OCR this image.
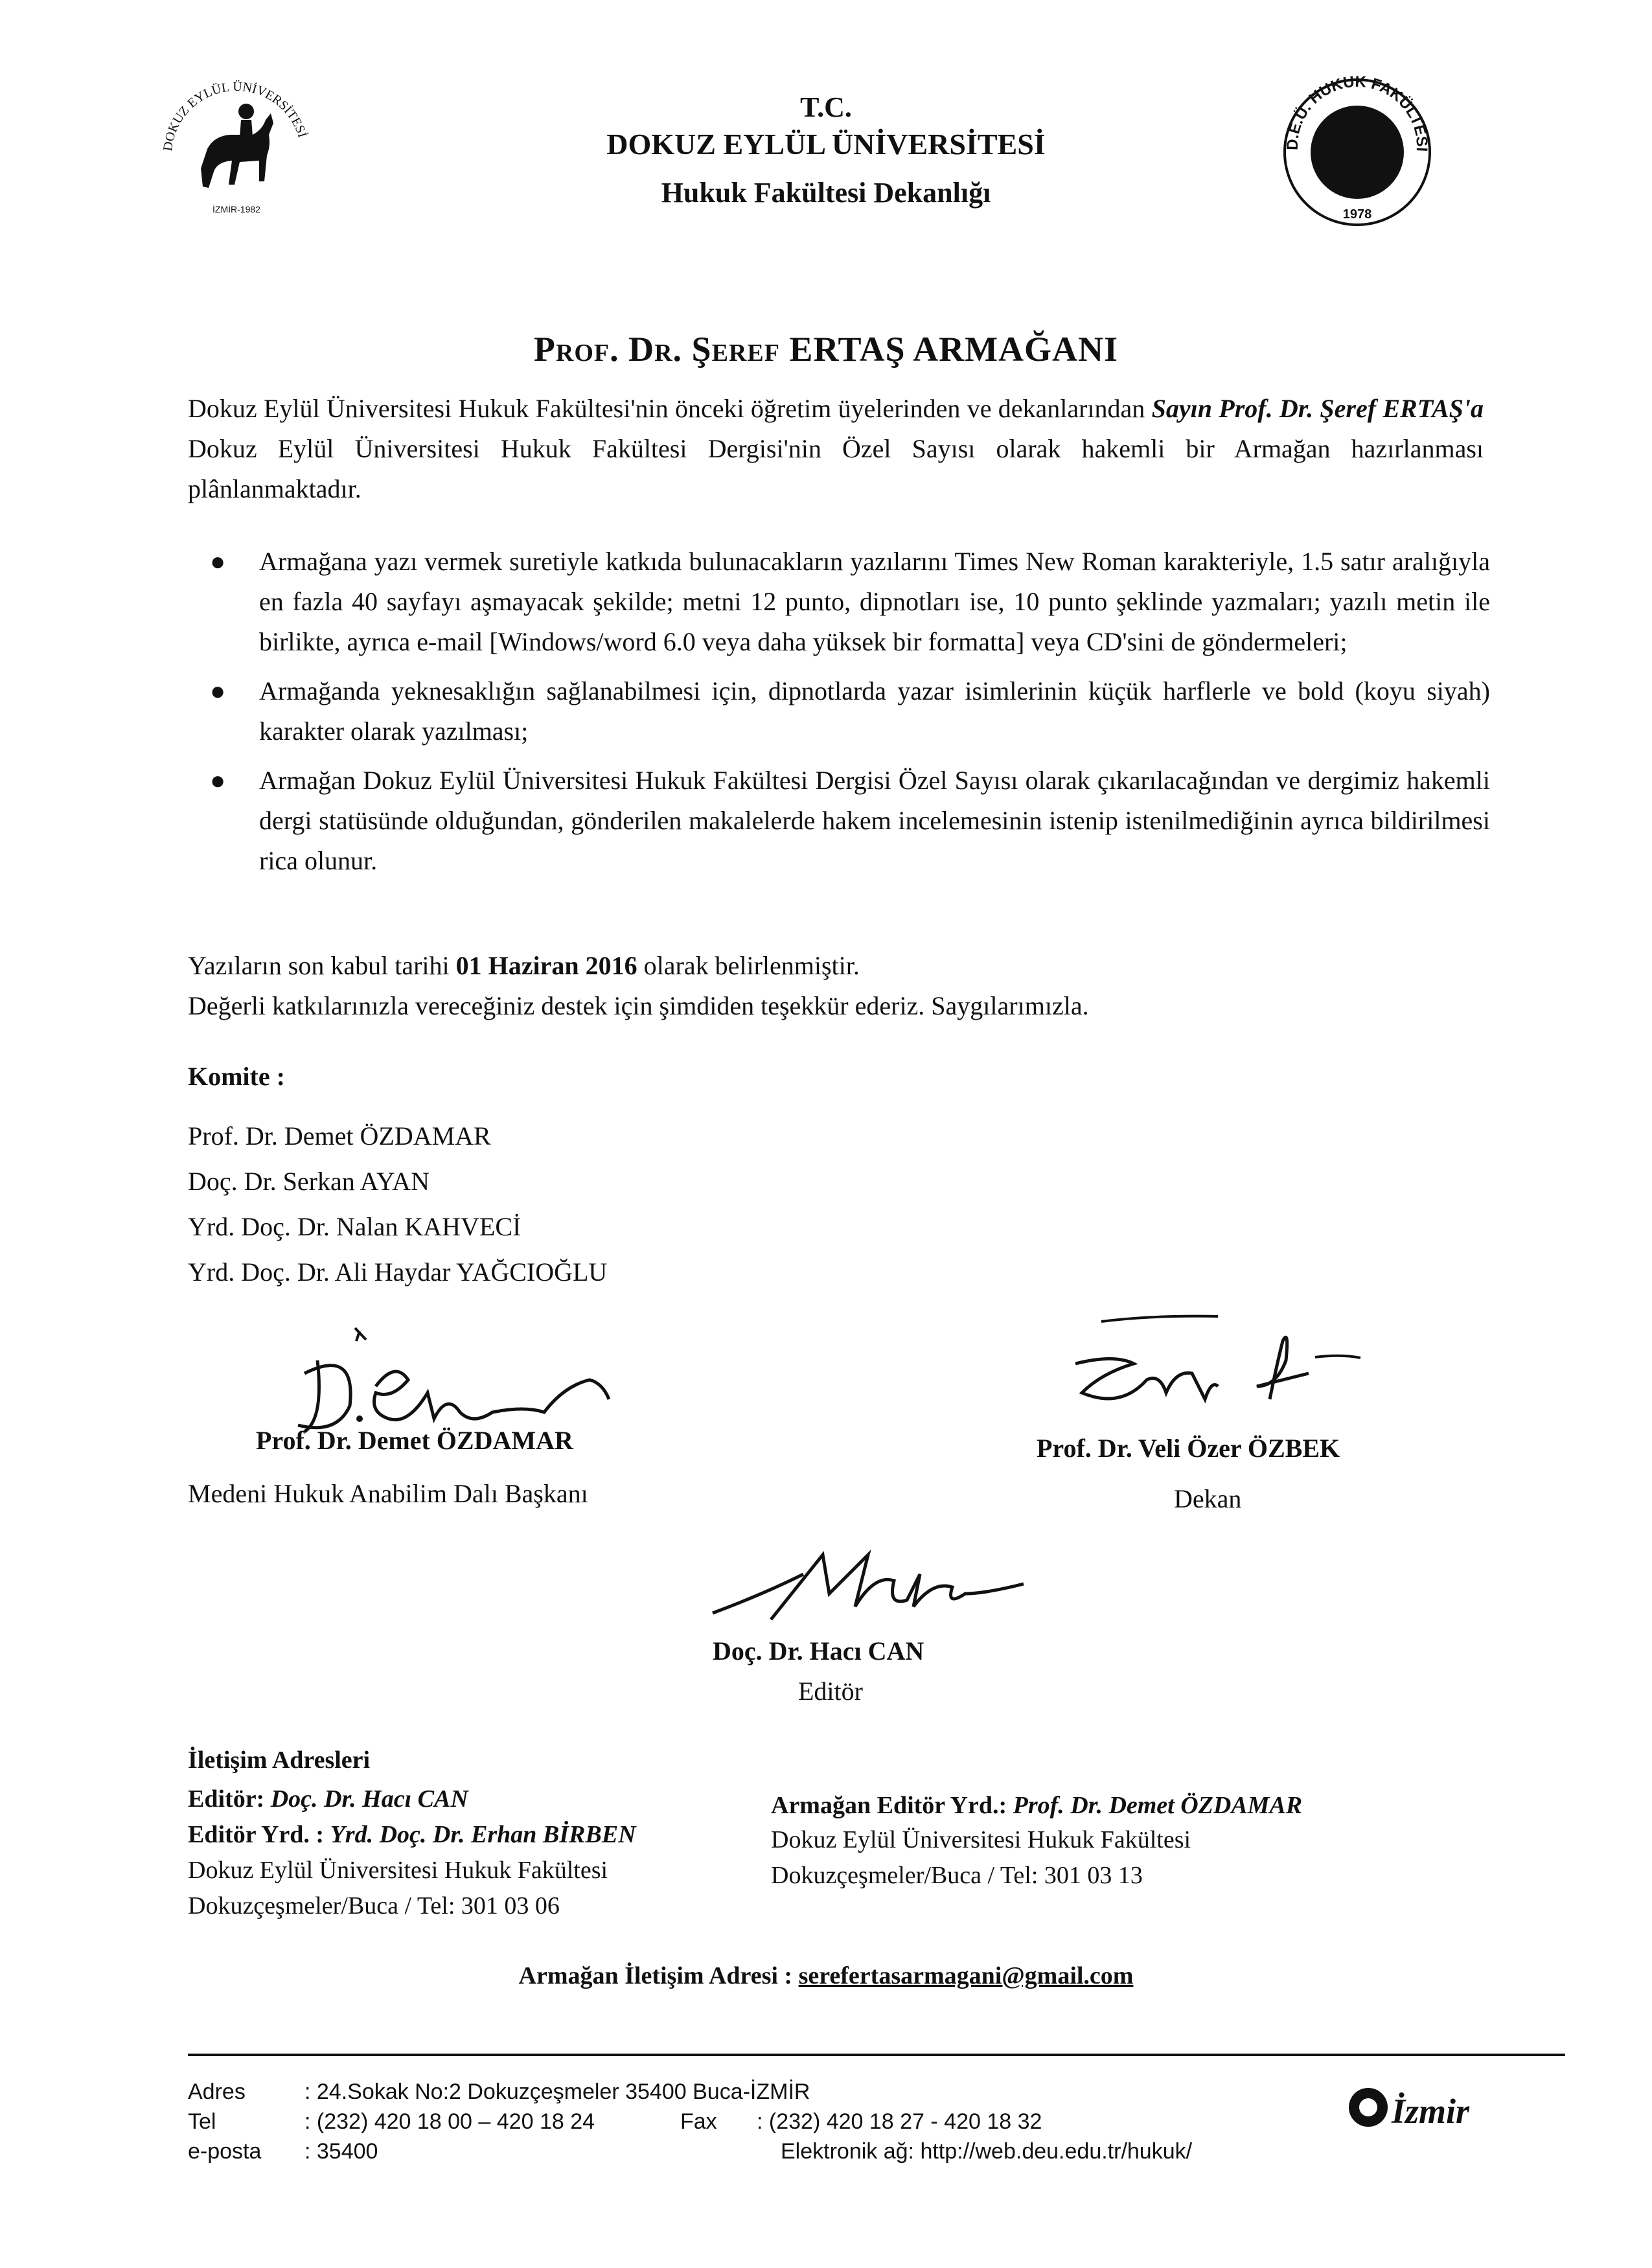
DOKUZ EYLÜL ÜNİVERSİTESİ
İZMİR-1982
D.E.Ü. HUKUK FAKÜLTESİ
1978
T.C.
DOKUZ EYLÜL ÜNİVERSİTESİ
Hukuk Fakültesi Dekanlığı
Prof. Dr. Şeref ERTAŞ ARMAĞANI
Dokuz Eylül Üniversitesi Hukuk Fakültesi'nin önceki öğretim üyelerinden ve dekanlarından Sayın Prof. Dr. Şeref ERTAŞ'a Dokuz Eylül Üniversitesi Hukuk Fakültesi Dergisi'nin Özel Sayısı olarak hakemli bir Armağan hazırlanması plânlanmaktadır.
● Armağana yazı vermek suretiyle katkıda bulunacakların yazılarını Times New Roman karakteriyle, 1.5 satır aralığıyla en fazla 40 sayfayı aşmayacak şekilde; metni 12 punto, dipnotları ise, 10 punto şeklinde yazmaları; yazılı metin ile birlikte, ayrıca e-mail [Windows/word 6.0 veya daha yüksek bir formatta] veya CD'sini de göndermeleri;
● Armağanda yeknesaklığın sağlanabilmesi için, dipnotlarda yazar isimlerinin küçük harflerle ve bold (koyu siyah) karakter olarak yazılması;
● Armağan Dokuz Eylül Üniversitesi Hukuk Fakültesi Dergisi Özel Sayısı olarak çıkarılacağından ve dergimiz hakemli dergi statüsünde olduğundan, gönderilen makalelerde hakem incelemesinin istenip istenilmediğinin ayrıca bildirilmesi rica olunur.
Yazıların son kabul tarihi 01 Haziran 2016 olarak belirlenmiştir.
Değerli katkılarınızla vereceğiniz destek için şimdiden teşekkür ederiz. Saygılarımızla.
Komite :
Prof. Dr. Demet ÖZDAMAR
Doç. Dr. Serkan AYAN
Yrd. Doç. Dr. Nalan KAHVECİ
Yrd. Doç. Dr. Ali Haydar YAĞCIOĞLU
Prof. Dr. Demet ÖZDAMAR
Medeni Hukuk Anabilim Dalı Başkanı
Prof. Dr. Veli Özer ÖZBEK
Dekan
Doç. Dr. Hacı CAN
Editör
İletişim Adresleri
Editör: Doç. Dr. Hacı CAN
Editör Yrd. : Yrd. Doç. Dr. Erhan BİRBEN
Dokuz Eylül Üniversitesi Hukuk Fakültesi
Dokuzçeşmeler/Buca / Tel: 301 03 06
Armağan Editör Yrd.: Prof. Dr. Demet ÖZDAMAR
Dokuz Eylül Üniversitesi Hukuk Fakültesi
Dokuzçeşmeler/Buca / Tel: 301 03 13
Armağan İletişim Adresi : serefertasarmagani@gmail.com
Adres	: 24.Sokak No:2 Dokuzçeşmeler 35400 Buca-İZMİR
Tel	: (232) 420 18 00 – 420 18 24	Fax : (232) 420 18 27 - 420 18 32
e-posta : 35400	Elektronik ağ: http://web.deu.edu.tr/hukuk/
İzmir
